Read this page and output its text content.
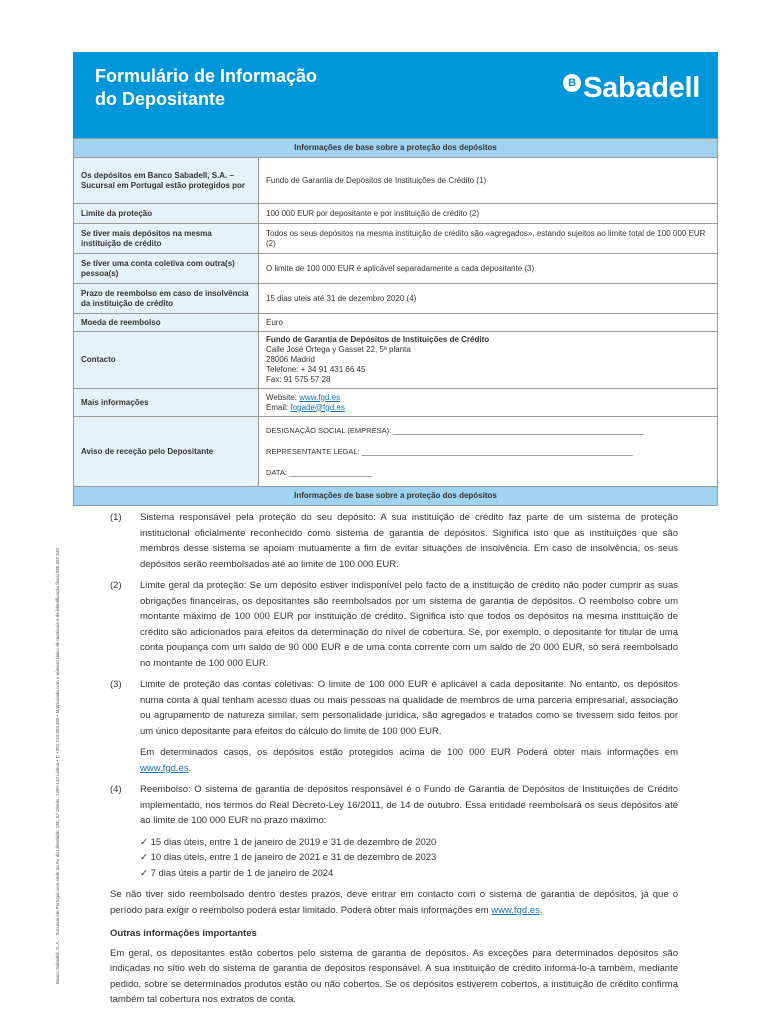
Banco Sabadell, S. A. – Sucursal em Portugal com sede na Av. da Liberdade, 195, 5.º Direito, 1250-142 Lisboa • T: +351 210 903 400 • Matriculada com o número único de matrícula e de identificação fiscal 980 587 840
Formulário de Informação
do Depositante
B Sabadell
Informações de base sobre a proteção dos depósitos	
Os depósitos em Banco Sabadell, S.A. – Sucursal em Portugal estão protegidos por	Fundo de Garantia de Depósitos de Instituições de Crédito (1)
Limite da proteção	100 000 EUR por depositante e por instituição de crédito (2)
Se tiver mais depósitos na mesma instituição de crédito	Todos os seus depósitos na mesma instituição de crédito são «agregados», estando sujeitos ao limite total de 100 000 EUR (2)
Se tiver uma conta coletiva com outra(s) pessoa(s)	O limite de 100 000 EUR é aplicável separadamente a cada depositante (3)
Prazo de reembolso em caso de insolvência da instituição de crédito	15 dias uteis até 31 de dezembro 2020 (4)
Moeda de reembolso	Euro
Contacto	Fundo de Garantia de Depósitos de Instituições de Crédito
Calle José Ortega y Gasset 22, 5ª planta
28006 Madrid
Telefone: + 34 91 431 66 45
Fax: 91 575 57 28
Mais informações	Website: www.fgd.es
Email: fogade@fgd.es
Aviso de receção pelo Depositante	DESIGNAÇÃO SOCIAL (EMPRESA): ____________________________________________________________
REPRESENTANTE LEGAL: _________________________________________________________________
DATA: ____________________

Informações de base sobre a proteção dos depósitos	
(1) Sistema responsável pela proteção do seu depósito: A sua instituição de crédito faz parte de um sistema de proteção institucional oficialmente reconhecido como sistema de garantia de depósitos. Significa isto que as instituições que são membros desse sistema se apoiam mutuamente a fim de evitar situações de insolvência. Em caso de insolvência, os seus depósitos serão reembolsados até ao limite de 100 000 EUR.

(2) Limite geral da proteção: Se um depósito estiver indisponível pelo facto de a instituição de crédito não poder cumprir as suas obrigações financeiras, os depositantes são reembolsados por um sistema de garantia de depósitos. O reembolso cobre um montante máximo de 100 000 EUR por instituição de crédito. Significa isto que todos os depósitos na mesma instituição de crédito são adicionados para efeitos da determinação do nível de cobertura. Se, por exemplo, o depositante for titular de uma conta poupança com um saldo de 90 000 EUR e de uma conta corrente com um saldo de 20 000 EUR, só será reembolsado no montante de 100 000 EUR.

(3) Limite de proteção das contas coletivas: O limite de 100 000 EUR é aplicável a cada depositante. No entanto, os depósitos numa conta à qual tenham acesso duas ou mais pessoas na qualidade de membros de uma parceria empresarial, associação ou agrupamento de natureza similar, sem personalidade jurídica, são agregados e tratados como se tivessem sido feitos por um único depositante para efeitos do cálculo do limite de 100 000 EUR.

Em determinados casos, os depósitos estão protegidos acima de 100 000 EUR Poderá obter mais informações em www.fgd.es.

(4) Reembolso: O sistema de garantia de depósitos responsável é o Fundo de Garantia de Depósitos de Instituições de Crédito implementado, nos termos do Real Decreto-Ley 16/2011, de 14 de outubro. Essa entidade reembolsará os seus depósitos até ao limite de 100 000 EUR no prazo máximo:

✓ 15 dias úteis, entre 1 de janeiro de 2019 e 31 de dezembro de 2020
✓ 10 dias úteis, entre 1 de janeiro de 2021 e 31 de dezembro de 2023
✓ 7 dias úteis a partir de 1 de janeiro de 2024

Se não tiver sido reembolsado dentro destes prazos, deve entrar em contacto com o sistema de garantia de depósitos, já que o período para exigir o reembolso poderá estar limitado. Poderá obter mais informações em www.fgd.es.

Outras informações importantes

Em geral, os depositantes estão cobertos pelo sistema de garantia de depósitos. As exceções para determinados depósitos são indicadas no sítio web do sistema de garantia de depósitos responsável. A sua instituição de crédito informá-lo-á também, mediante pedido, sobre se determinados produtos estão ou não cobertos. Se os depósitos estiverem cobertos, a instituição de crédito confirma também tal cobertura nos extratos de conta.
